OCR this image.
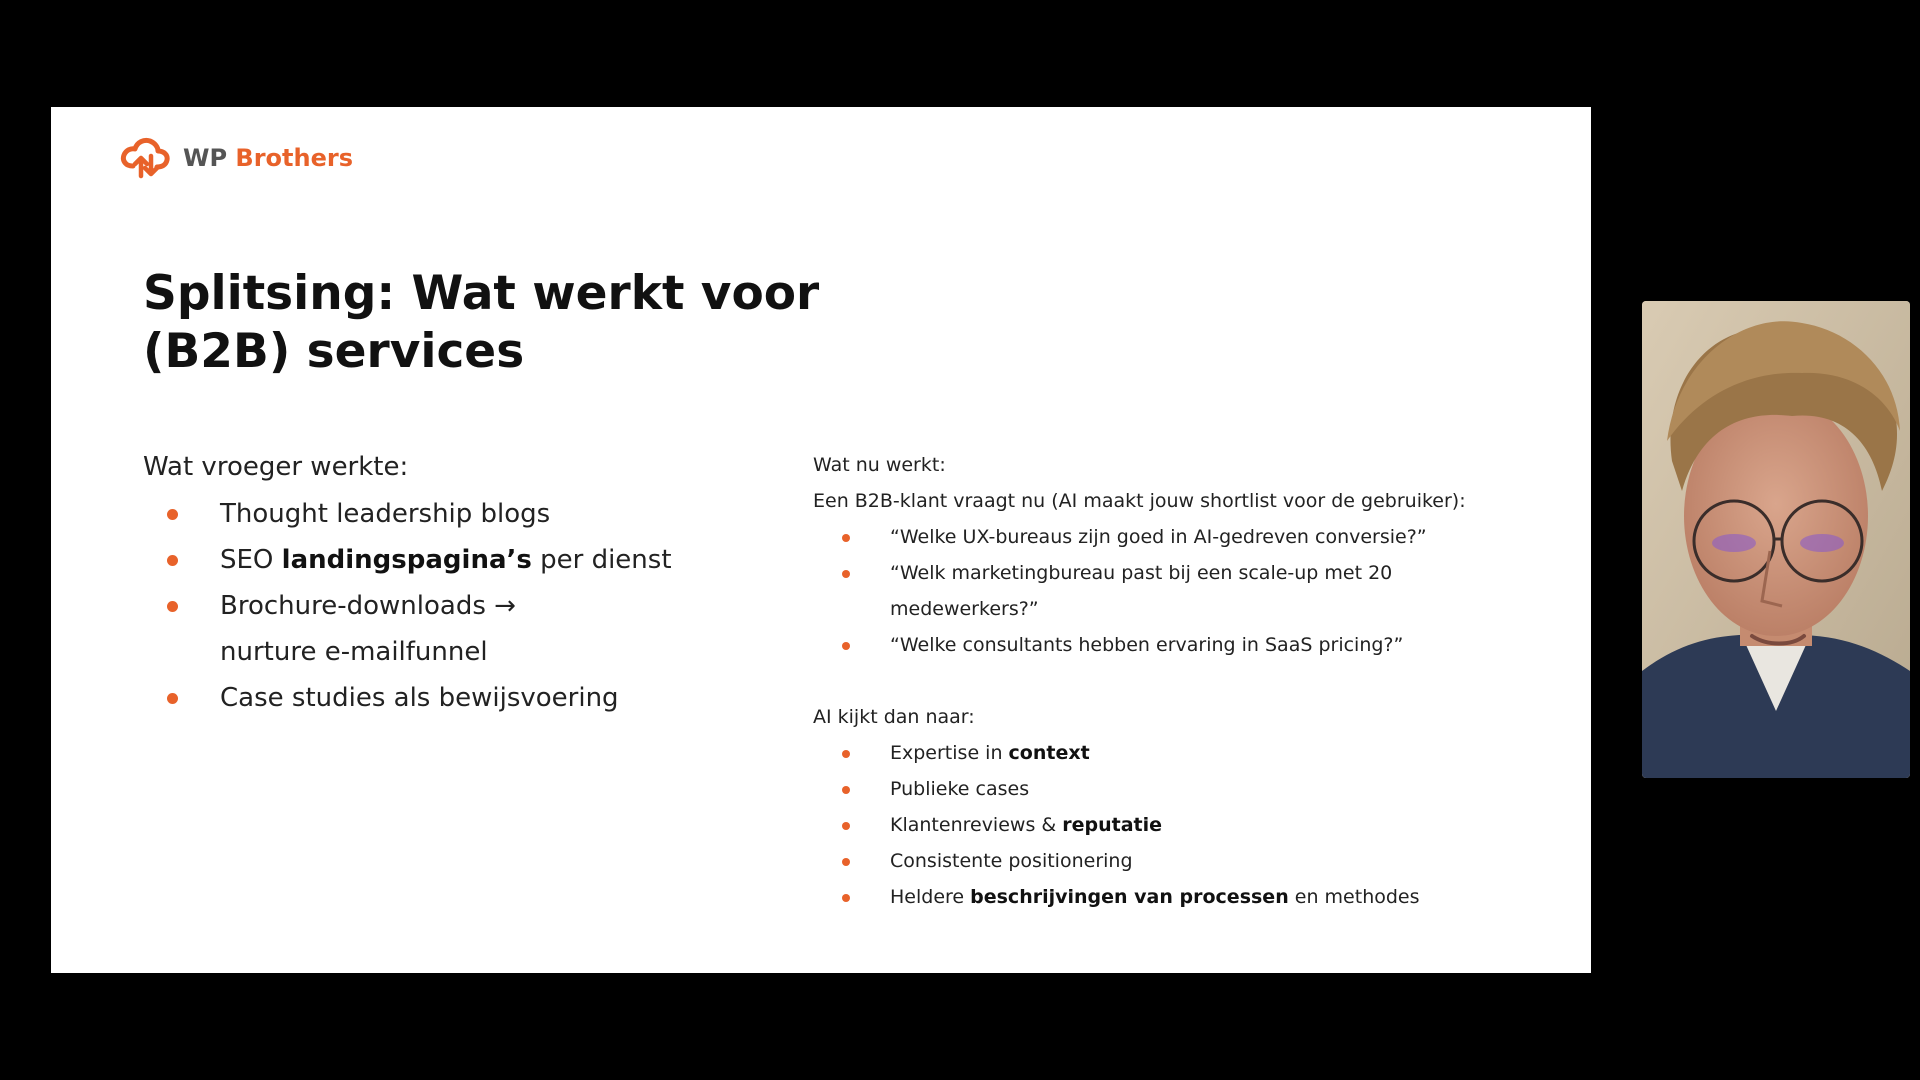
WP Brothers
Splitsing: Wat werkt voor (B2B) services

Wat vroeger werkte:

Thought leadership blogs
SEO landingspagina’s per dienst
Brochure-downloads → nurture e-mailfunnel
Case studies als bewijsvoering

Wat nu werkt:

Een B2B-klant vraagt nu (AI maakt jouw shortlist voor de gebruiker):

“Welke UX-bureaus zijn goed in AI-gedreven conversie?”
“Welk marketingbureau past bij een scale-up met 20 medewerkers?”
“Welke consultants hebben ervaring in SaaS pricing?”

AI kijkt dan naar:

Expertise in context
Publieke cases
Klantenreviews & reputatie
Consistente positionering
Heldere beschrijvingen van processen en methodes
